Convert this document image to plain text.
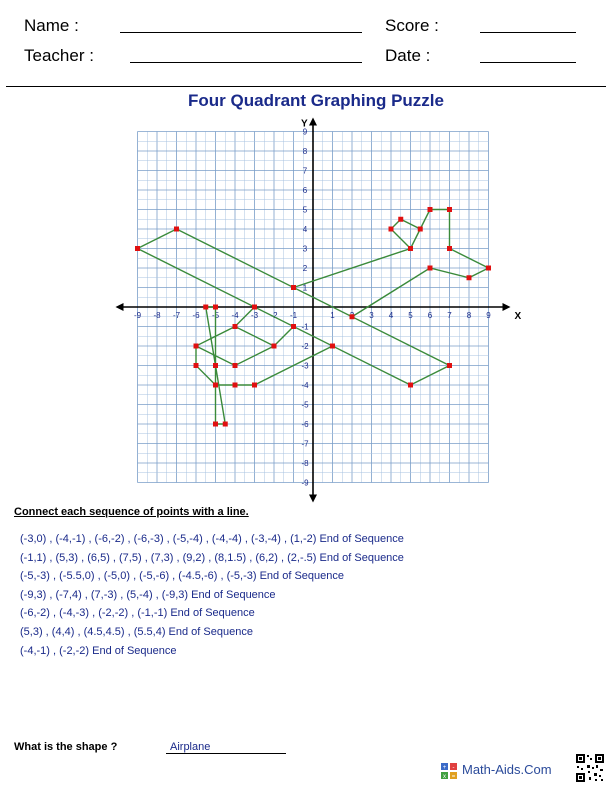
Name :
Teacher :
Score :
Date :
Four Quadrant Graphing Puzzle
X
Y
-9 -8 -7 -6 -5 -4 -3 -2 -1	1	3 4 5 6 7 8 9
-9
-8
-7
-6
-5
-4
-3
-2
-1
1
2
3
4
5
6
7
8
9
Connect each sequence of points with a line.
(-3,0) , (-4,-1) , (-6,-2) , (-6,-3) , (-5,-4) , (-4,-4) , (-3,-4) , (1,-2) End of Sequence
(-1,1) , (5,3) , (6,5) , (7,5) , (7,3) , (9,2) , (8,1.5) , (6,2) , (2,-.5) End of Sequence
(-5,-3) , (-5.5,0) , (-5,0) , (-5,-6) , (-4.5,-6) , (-5,-3) End of Sequence
(-9,3) , (-7,4) , (7,-3) , (5,-4) , (-9,3) End of Sequence
(-6,-2) , (-4,-3) , (-2,-2) , (-1,-1) End of Sequence
(5,3) , (4,4) , (4.5,4.5) , (5.5,4) End of Sequence
(-4,-1) , (-2,-2) End of Sequence
What is the shape ?	Airplane
+ -
x = Math-Aids.Com
